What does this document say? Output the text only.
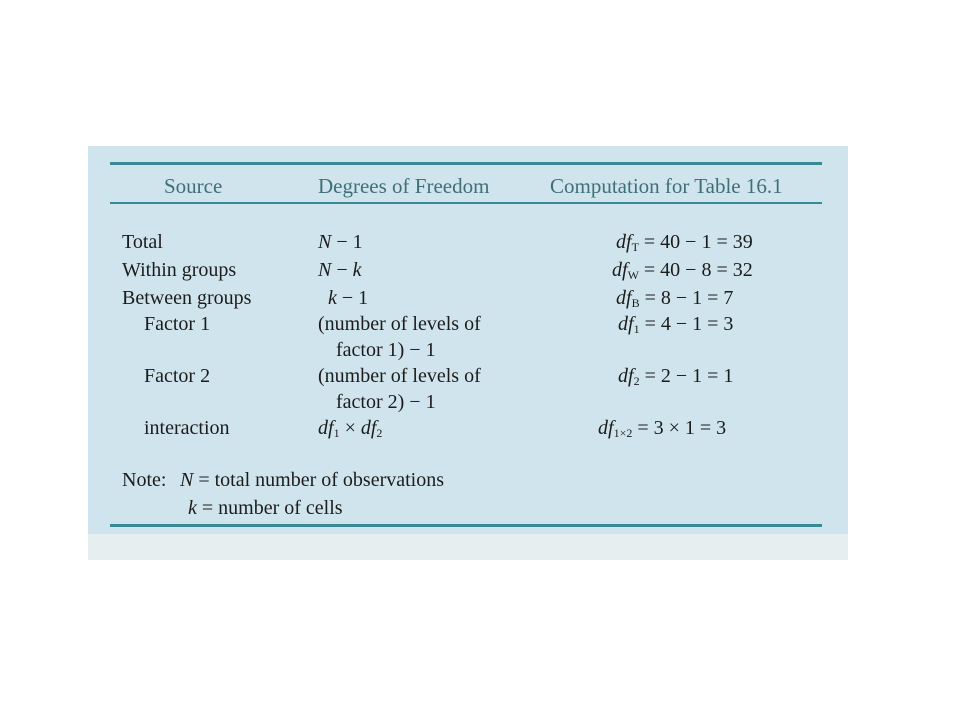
Source	Degrees of Freedom	Computation for Table 16.1
Total
Within groups
Between groups
Factor 1
Factor 2
interaction
N − 1
N − k
k − 1
(number of levels of
factor 1) − 1
(number of levels of
factor 2) − 1
$df_1 \times df_2$
$df_T = 40 - 1 = 39$
$df_W = 40 - 8 = 32$
$df_B = 8 - 1 = 7$
$df_1 = 4 - 1 = 3$
$df_2 = 2 - 1 = 1$
$df_{1\times 2} = 3 \times 1 = 3$
Note: N = total number of observations
k = number of cells
